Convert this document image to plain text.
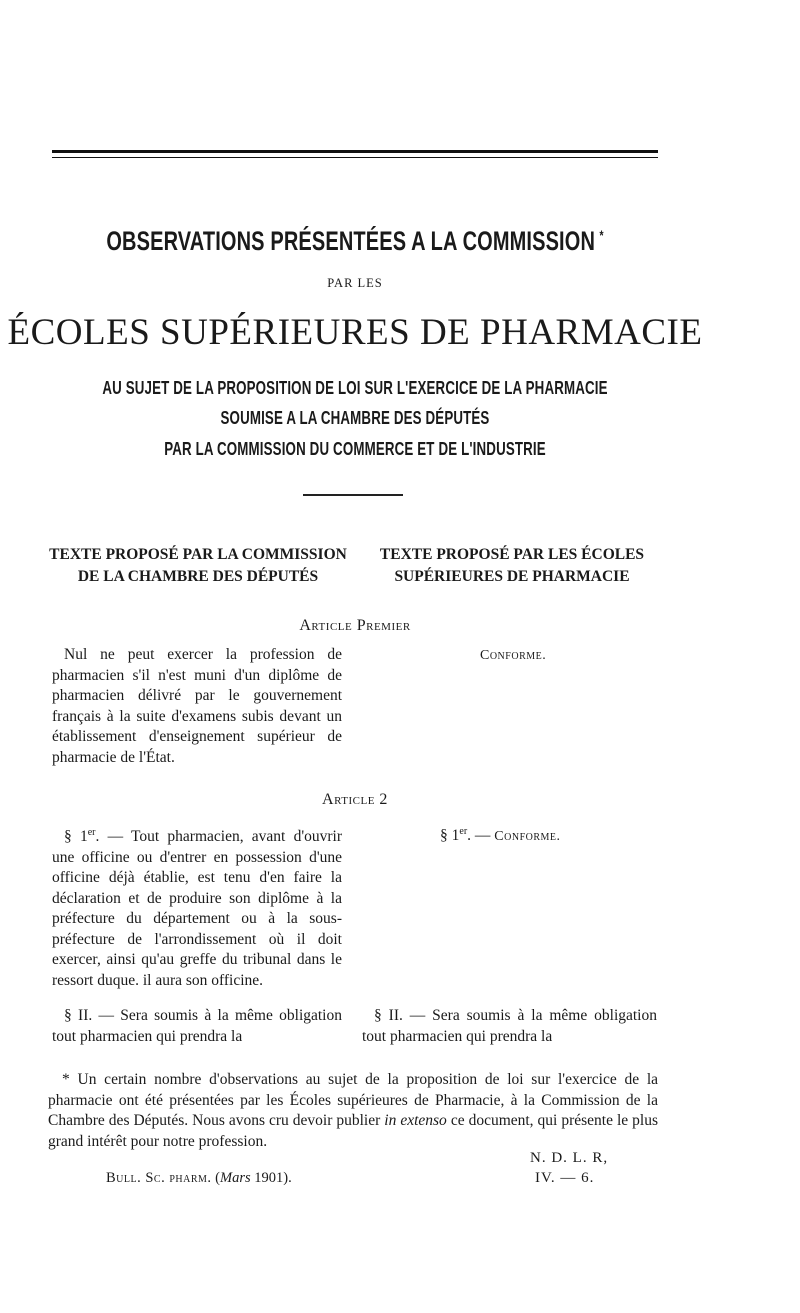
OBSERVATIONS PRÉSENTÉES A LA COMMISSION *
PAR LES
ÉCOLES SUPÉRIEURES DE PHARMACIE
AU SUJET DE LA PROPOSITION DE LOI SUR L'EXERCICE DE LA PHARMACIE
SOUMISE A LA CHAMBRE DES DÉPUTÉS
PAR LA COMMISSION DU COMMERCE ET DE L'INDUSTRIE
TEXTE PROPOSÉ PAR LA COMMISSION
DE LA CHAMBRE DES DÉPUTÉS
TEXTE PROPOSÉ PAR LES ÉCOLES
SUPÉRIEURES DE PHARMACIE
Article Premier

Nul ne peut exercer la profession de pharmacien s'il n'est muni d'un diplôme de pharmacien délivré par le gouvernement français à la suite d'examens subis devant un établissement d'enseignement supérieur de pharmacie de l'État.

Conforme.
Article 2

§ 1er. — Tout pharmacien, avant d'ouvrir une officine ou d'entrer en possession d'une officine déjà établie, est tenu d'en faire la déclaration et de produire son diplôme à la préfecture du département ou à la sous-préfecture de l'arrondissement où il doit exercer, ainsi qu'au greffe du tribunal dans le ressort duque. il aura son officine.

§ 1er. — Conforme.

§ II. — Sera soumis à la même obligation tout pharmacien qui prendra la

§ II. — Sera soumis à la même obligation tout pharmacien qui prendra la

* Un certain nombre d'observations au sujet de la proposition de loi sur l'exercice de la pharmacie ont été présentées par les Écoles supérieures de Pharmacie, à la Commission de la Chambre des Députés. Nous avons cru devoir publier in extenso ce document, qui présente le plus grand intérêt pour notre profession.
N. D. L. R,
Bull. Sc. pharm. (Mars 1901).	IV. — 6.
